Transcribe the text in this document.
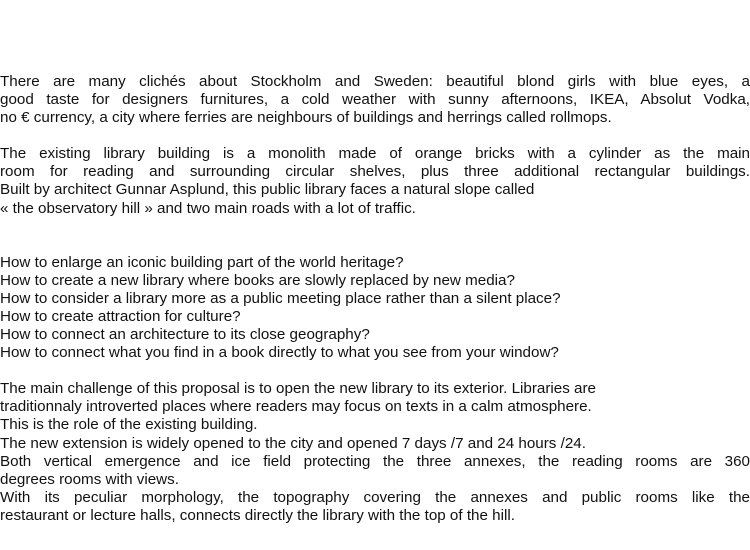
There are many clichés about Stockholm and Sweden: beautiful blond girls with blue eyes, a
good taste for designers furnitures, a cold weather with sunny afternoons, IKEA, Absolut Vodka,
no € currency, a city where ferries are neighbours of buildings and herrings called rollmops.

The existing library building is a monolith made of orange bricks with a cylinder as the main
room for reading and surrounding circular shelves, plus three additional rectangular buildings.
Built by architect Gunnar Asplund, this public library faces a natural slope called
« the observatory hill » and two main roads with a lot of traffic.

How to enlarge an iconic building part of the world heritage?
How to create a new library where books are slowly replaced by new media?
How to consider a library more as a public meeting place rather than a silent place?
How to create attraction for culture?
How to connect an architecture to its close geography?
How to connect what you find in a book directly to what you see from your window?

The main challenge of this proposal is to open the new library to its exterior. Libraries are
traditionnaly introverted places where readers may focus on texts in a calm atmosphere.
This is the role of the existing building.
The new extension is widely opened to the city and opened 7 days /7 and 24 hours /24.
Both vertical emergence and ice field protecting the three annexes, the reading rooms are 360
degrees rooms with views.
With its peculiar morphology, the topography covering the annexes and public rooms like the
restaurant or lecture halls, connects directly the library with the top of the hill.
